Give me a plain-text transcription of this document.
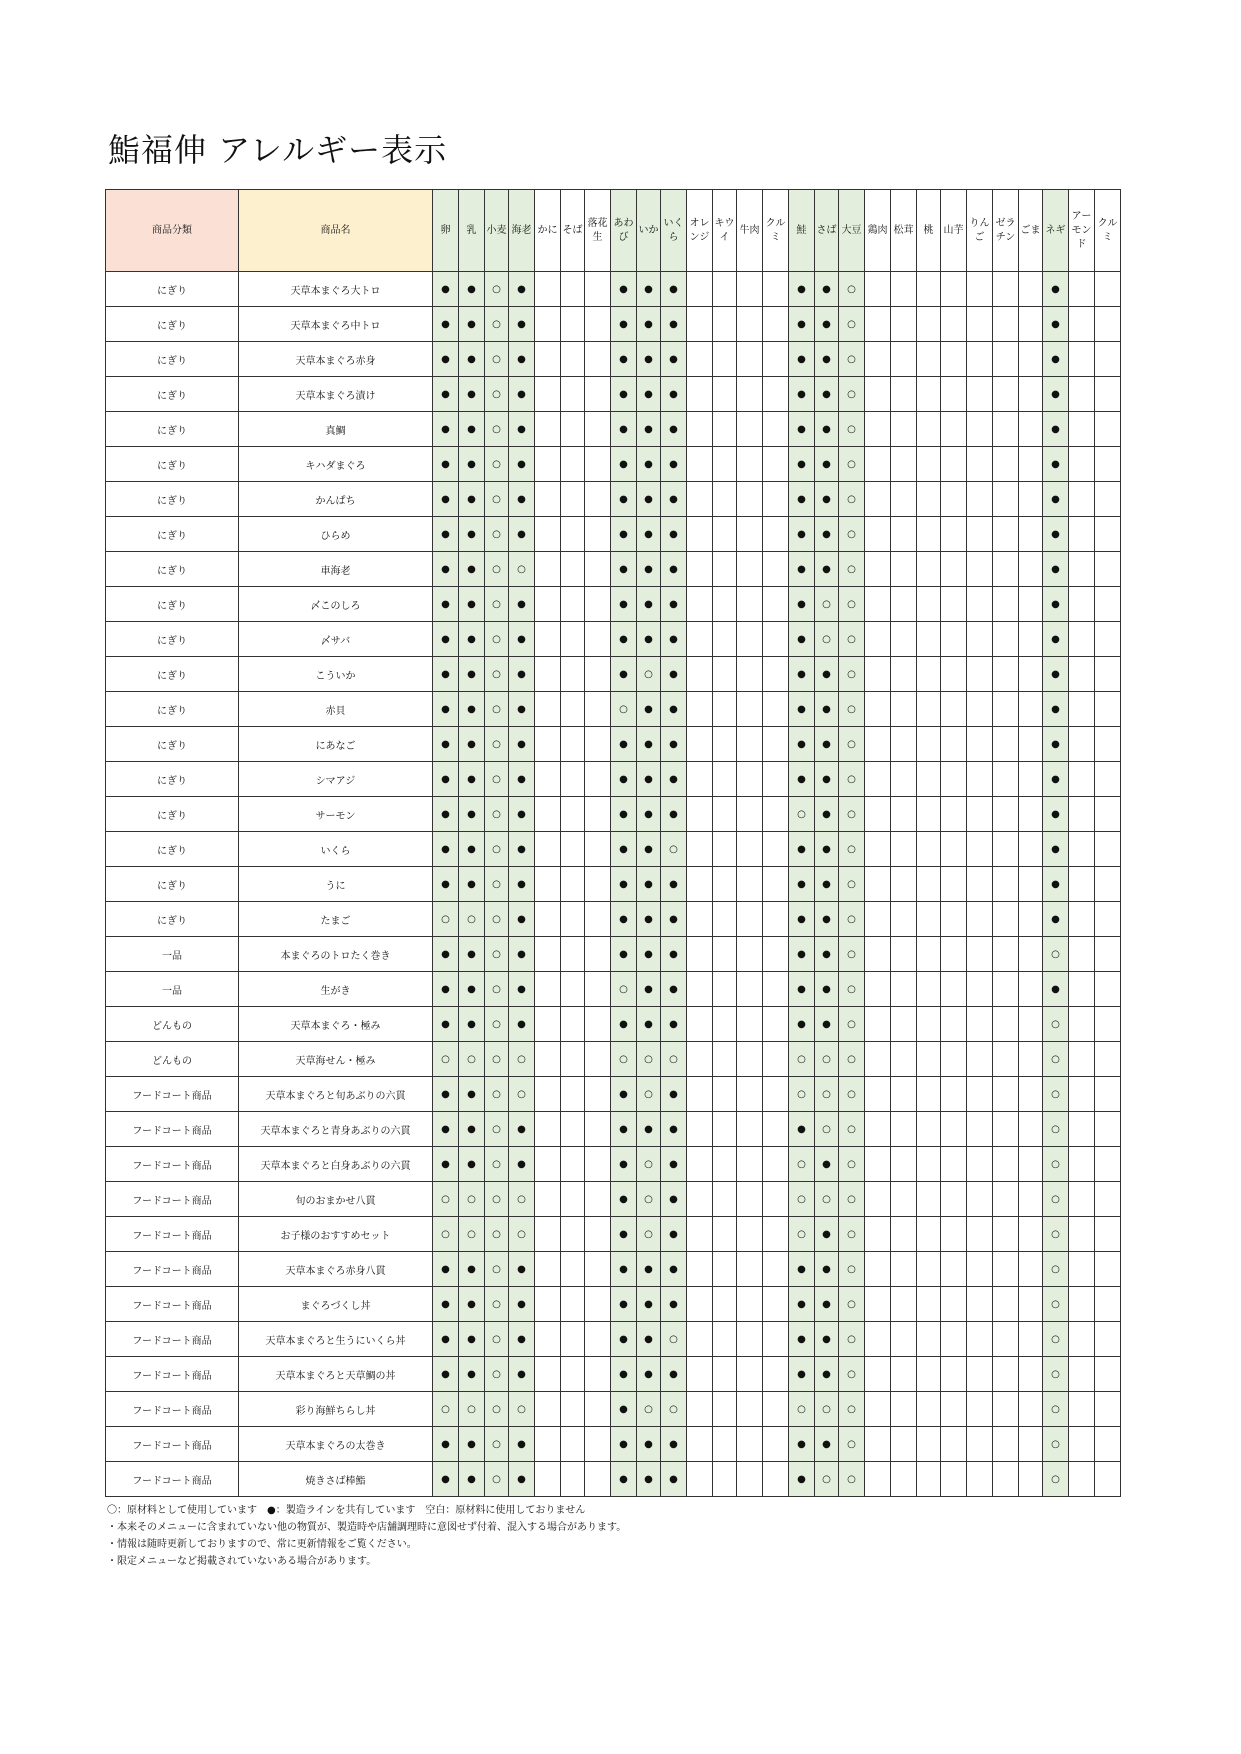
鮨福伸 アレルギー表示
商品分類	商品名	卵	乳	小麦	海老	かに	そば	落花生	あわび	いか	いくら	オレンジ	キウイ	牛肉	クルミ	鮭	さば	大豆	鶏肉	松茸	桃	山芋	りんご	ゼラチン	ごま	ネギ	アーモンド	クルミ
にぎり	天草本まぐろ大トロ	●	●	○	●				●	●	●					●	●	○								●		
にぎり	天草本まぐろ中トロ	●	●	○	●				●	●	●					●	●	○								●		
にぎり	天草本まぐろ赤身	●	●	○	●				●	●	●					●	●	○								●		
にぎり	天草本まぐろ漬け	●	●	○	●				●	●	●					●	●	○								●		
にぎり	真鯛	●	●	○	●				●	●	●					●	●	○								●		
にぎり	キハダまぐろ	●	●	○	●				●	●	●					●	●	○								●		
にぎり	かんぱち	●	●	○	●				●	●	●					●	●	○								●		
にぎり	ひらめ	●	●	○	●				●	●	●					●	●	○								●		
にぎり	車海老	●	●	○	○				●	●	●					●	●	○								●		
にぎり	〆このしろ	●	●	○	●				●	●	●					●	○	○								●		
にぎり	〆サバ	●	●	○	●				●	●	●					●	○	○								●		
にぎり	こういか	●	●	○	●				●	○	●					●	●	○								●		
にぎり	赤貝	●	●	○	●				○	●	●					●	●	○								●		
にぎり	にあなご	●	●	○	●				●	●	●					●	●	○								●		
にぎり	シマアジ	●	●	○	●				●	●	●					●	●	○								●		
にぎり	サーモン	●	●	○	●				●	●	●					○	●	○								●		
にぎり	いくら	●	●	○	●				●	●	○					●	●	○								●		
にぎり	うに	●	●	○	●				●	●	●					●	●	○								●		
にぎり	たまご	○	○	○	●				●	●	●					●	●	○								●		
一品	本まぐろのトロたく巻き	●	●	○	●				●	●	●					●	●	○								○		
一品	生がき	●	●	○	●				○	●	●					●	●	○								●		
どんもの	天草本まぐろ・極み	●	●	○	●				●	●	●					●	●	○								○		
どんもの	天草海せん・極み	○	○	○	○				○	○	○					○	○	○								○		
フードコート商品	天草本まぐろと旬あぶりの六貫	●	●	○	○				●	○	●					○	○	○								○		
フードコート商品	天草本まぐろと青身あぶりの六貫	●	●	○	●				●	●	●					●	○	○								○		
フードコート商品	天草本まぐろと白身あぶりの六貫	●	●	○	●				●	○	●					○	●	○								○		
フードコート商品	旬のおまかせ八貫	○	○	○	○				●	○	●					○	○	○								○		
フードコート商品	お子様のおすすめセット	○	○	○	○				●	○	●					○	●	○								○		
フードコート商品	天草本まぐろ赤身八貫	●	●	○	●				●	●	●					●	●	○								○		
フードコート商品	まぐろづくし丼	●	●	○	●				●	●	●					●	●	○								○		
フードコート商品	天草本まぐろと生うにいくら丼	●	●	○	●				●	●	○					●	●	○								○		
フードコート商品	天草本まぐろと天草鯛の丼	●	●	○	●				●	●	●					●	●	○								○		
フードコート商品	彩り海鮮ちらし丼	○	○	○	○				●	○	○					○	○	○								○		
フードコート商品	天草本まぐろの太巻き	●	●	○	●				●	●	●					●	●	○								○		
フードコート商品	焼きさば棒鮨	●	●	○	●				●	●	●					●	○	○								○		
〇：原材料として使用しています　●：製造ラインを共有しています　空白：原材料に使用しておりません
・本来そのメニューに含まれていない他の物質が、製造時や店舗調理時に意図せず付着、混入する場合があります。
・情報は随時更新しておりますので、常に更新情報をご覧ください。
・限定メニューなど掲載されていないある場合があります。
